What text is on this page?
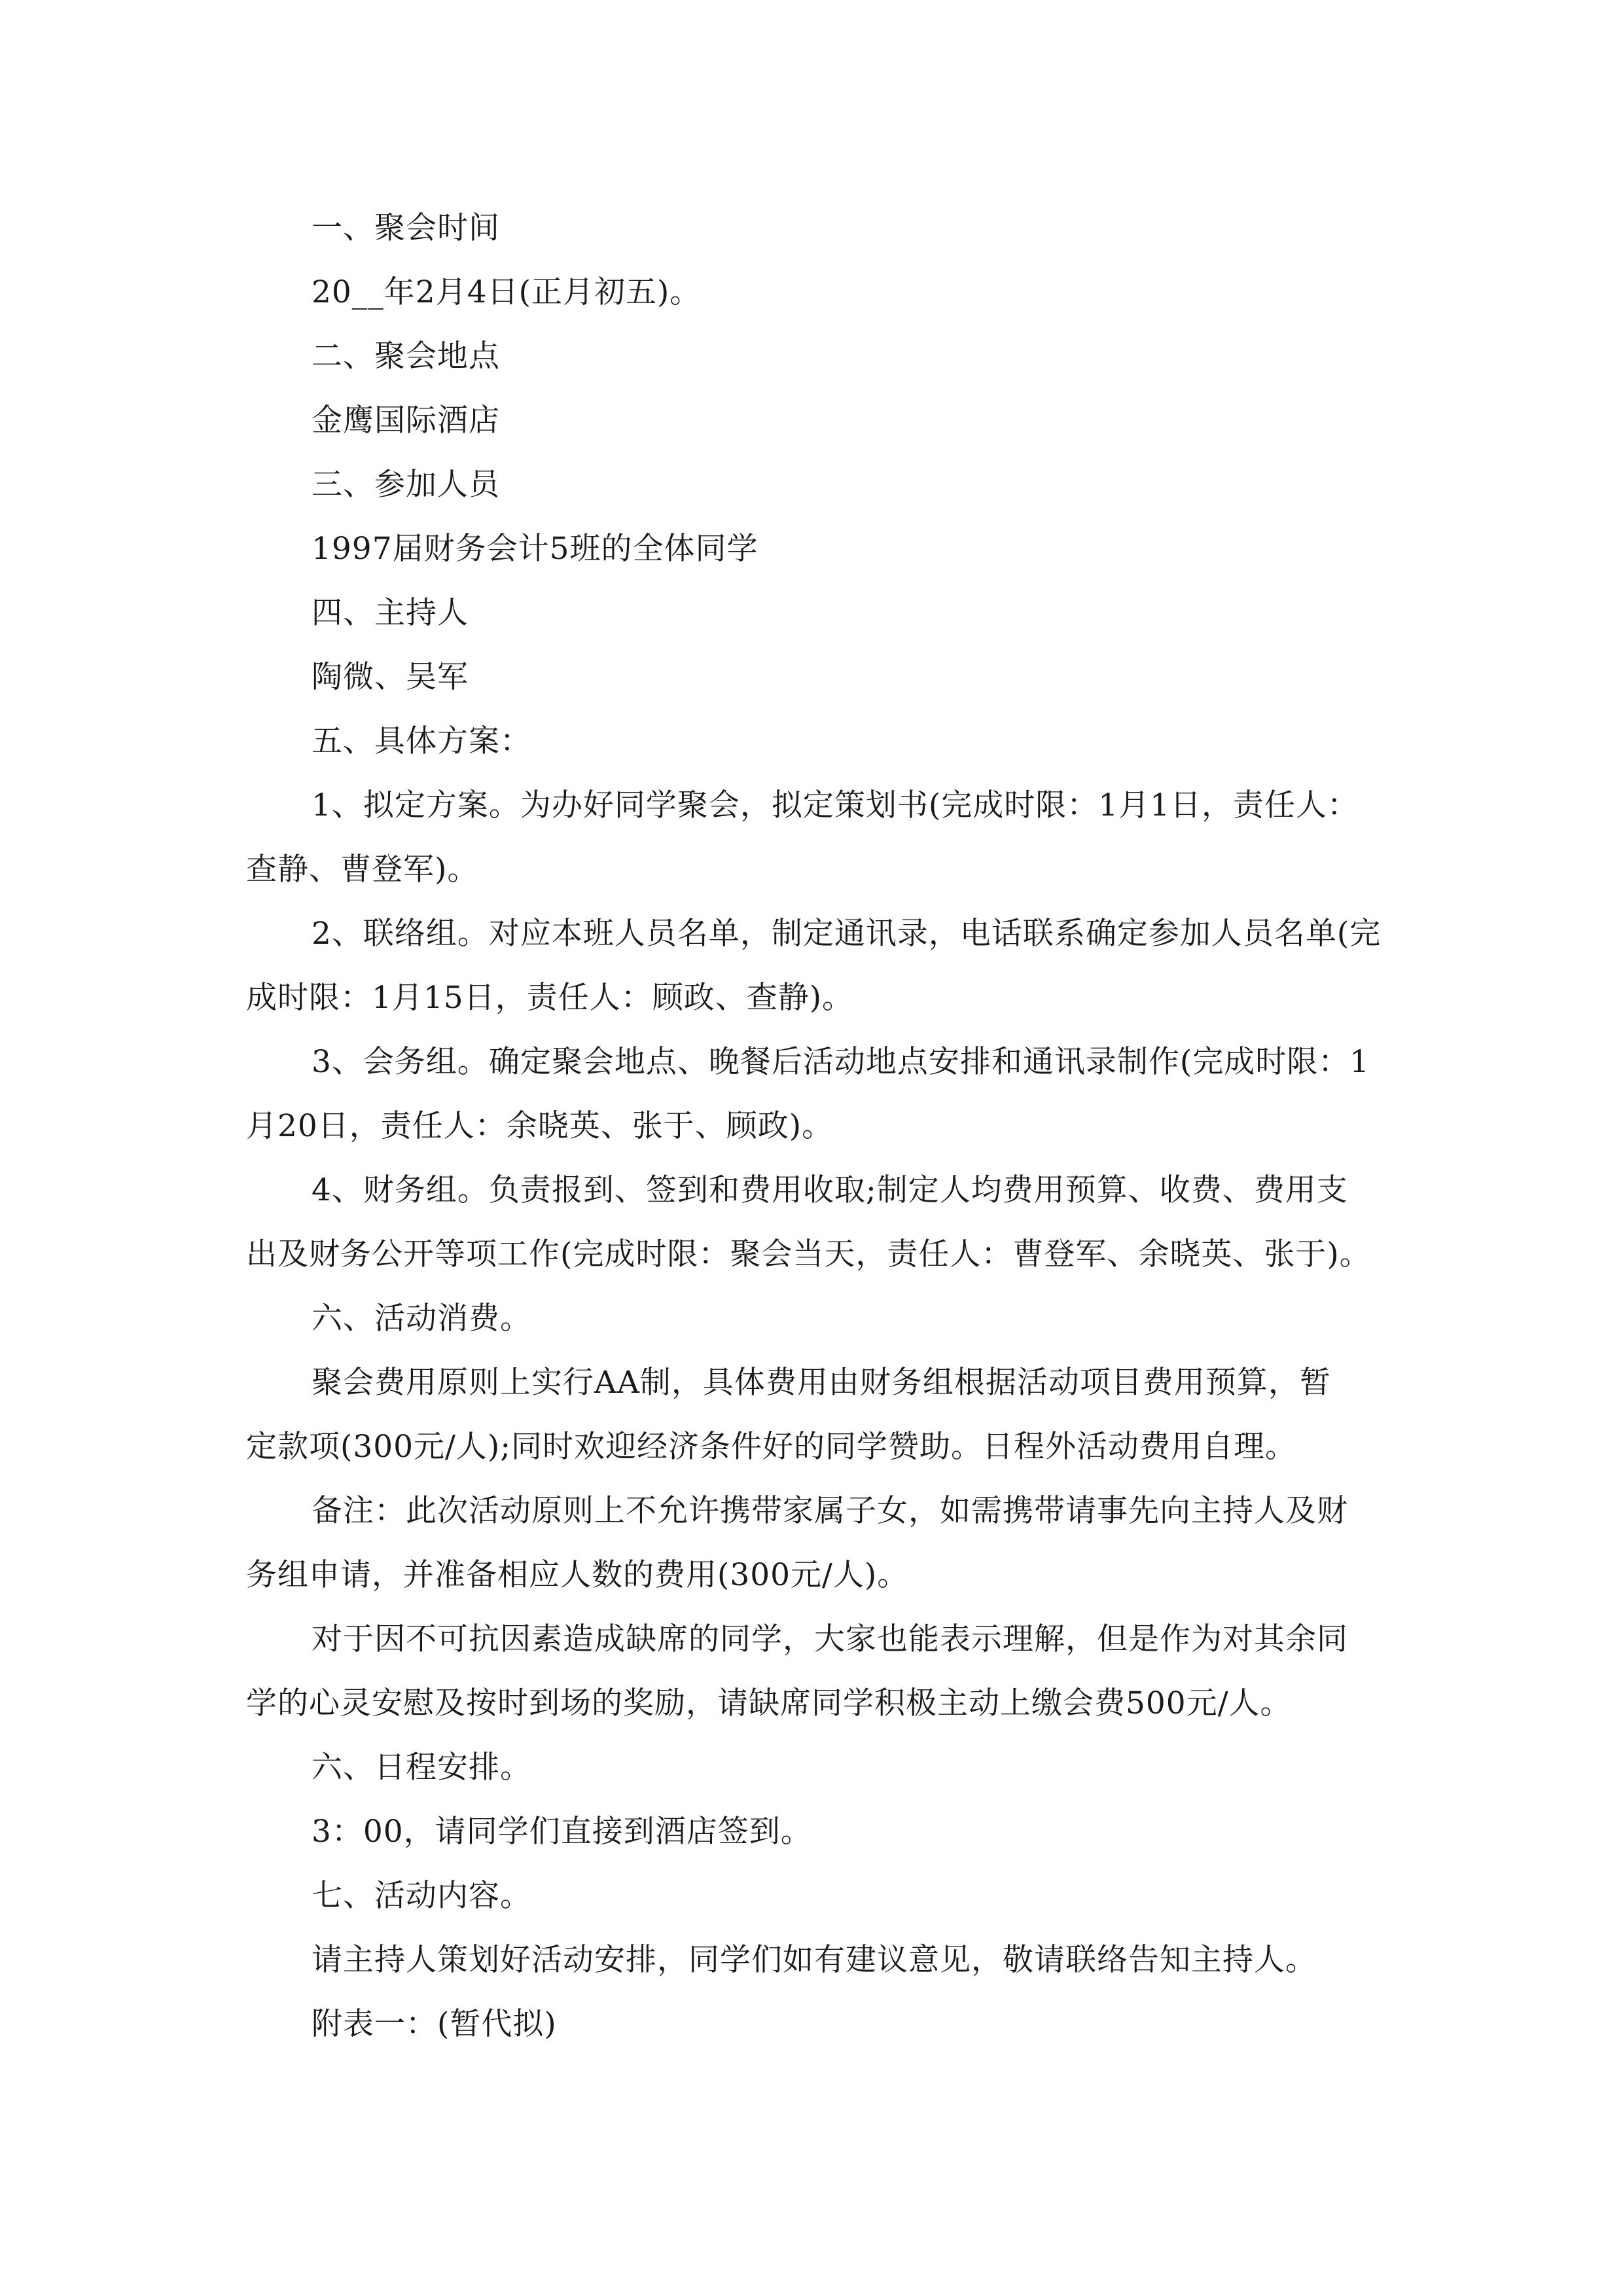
一、聚会时间
20__年2月4日(正月初五)。
二、聚会地点
金鹰国际酒店
三、参加人员
1997届财务会计5班的全体同学
四、主持人
陶微、吴军
五、具体方案：
1、拟定方案。为办好同学聚会，拟定策划书(完成时限：1月1日，责任人：
查静、曹登军)。
2、联络组。对应本班人员名单，制定通讯录，电话联系确定参加人员名单(完
成时限：1月15日，责任人：顾政、查静)。
3、会务组。确定聚会地点、晚餐后活动地点安排和通讯录制作(完成时限：1
月20日，责任人：余晓英、张于、顾政)。
4、财务组。负责报到、签到和费用收取;制定人均费用预算、收费、费用支
出及财务公开等项工作(完成时限：聚会当天，责任人：曹登军、余晓英、张于)。
六、活动消费。
聚会费用原则上实行AA制，具体费用由财务组根据活动项目费用预算，暂
定款项(300元/人);同时欢迎经济条件好的同学赞助。日程外活动费用自理。
备注：此次活动原则上不允许携带家属子女，如需携带请事先向主持人及财
务组申请，并准备相应人数的费用(300元/人)。
对于因不可抗因素造成缺席的同学，大家也能表示理解，但是作为对其余同
学的心灵安慰及按时到场的奖励，请缺席同学积极主动上缴会费500元/人。
六、日程安排。
3：00，请同学们直接到酒店签到。
七、活动内容。
请主持人策划好活动安排，同学们如有建议意见，敬请联络告知主持人。
附表一：(暂代拟)
